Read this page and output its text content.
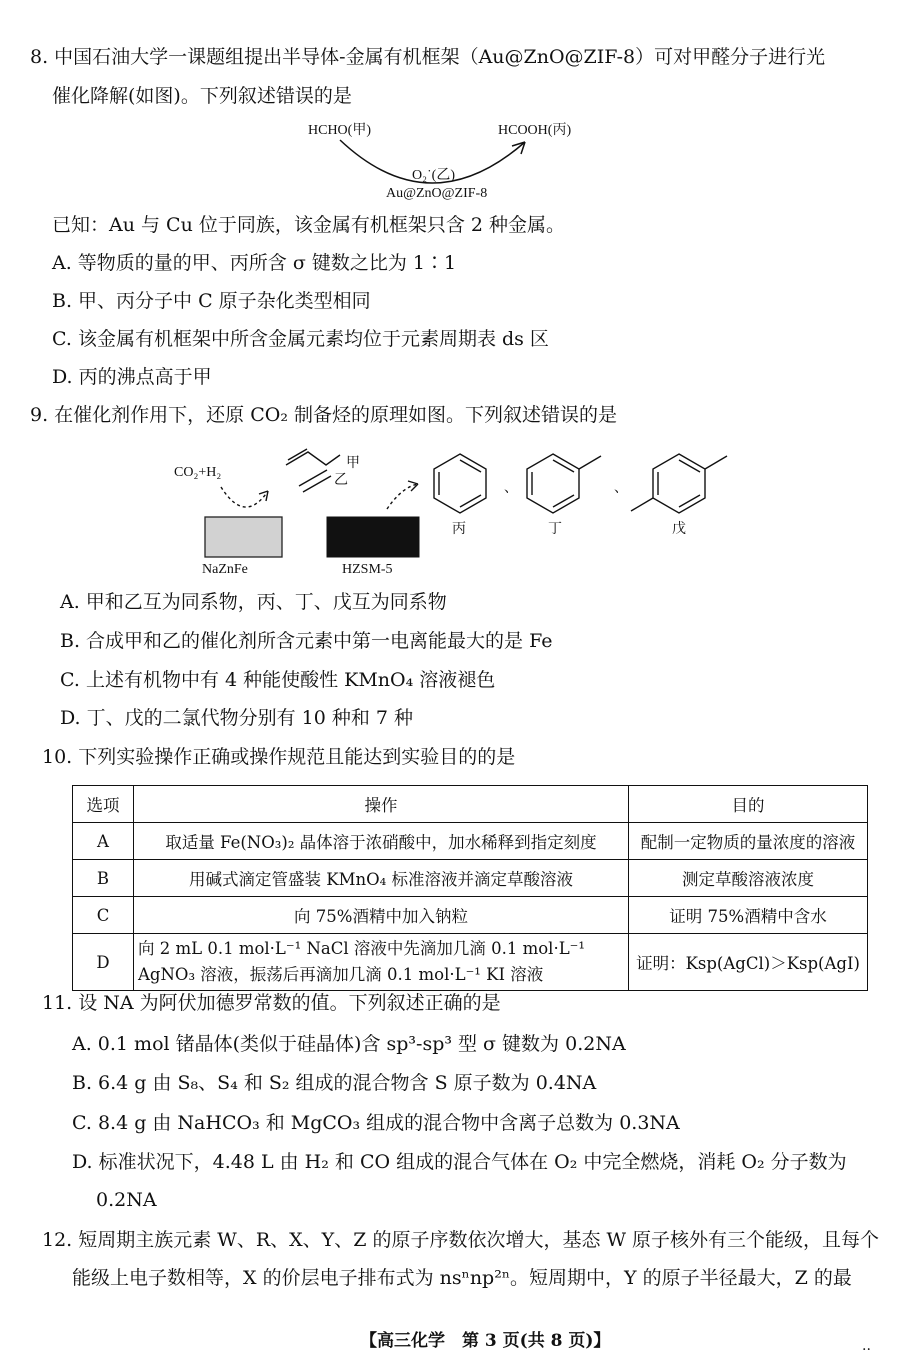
8. 中国石油大学一课题组提出半导体-金属有机框架（Au@ZnO@ZIF-8）可对甲醛分子进行光
催化降解(如图)。下列叙述错误的是
HCHO(甲)	HCOOH(丙)
O₂˙(乙)
Au@ZnO@ZIF-8
已知：Au 与 Cu 位于同族，该金属有机框架只含 2 种金属。
A. 等物质的量的甲、丙所含 σ 键数之比为 1∶1
B. 甲、丙分子中 C 原子杂化类型相同
C. 该金属有机框架中所含金属元素均位于元素周期表 ds 区
D. 丙的沸点高于甲
9. 在催化剂作用下，还原 CO₂ 制备烃的原理如图。下列叙述错误的是
CO₂+H₂
NaZnFe	HZSM-5
甲
乙
丙	丁	戊
、	、
A. 甲和乙互为同系物，丙、丁、戊互为同系物
B. 合成甲和乙的催化剂所含元素中第一电离能最大的是 Fe
C. 上述有机物中有 4 种能使酸性 KMnO₄ 溶液褪色
D. 丁、戊的二氯代物分别有 10 种和 7 种
10. 下列实验操作正确或操作规范且能达到实验目的的是
选项	操作	目的
A	取适量 Fe(NO₃)₂ 晶体溶于浓硝酸中，加水稀释到指定刻度	配制一定物质的量浓度的溶液
B	用碱式滴定管盛装 KMnO₄ 标准溶液并滴定草酸溶液	测定草酸溶液浓度
C	向 75%酒精中加入钠粒	证明 75%酒精中含水
D	向 2 mL 0.1 mol·L⁻¹ NaCl 溶液中先滴加几滴 0.1 mol·L⁻¹
AgNO₃ 溶液，振荡后再滴加几滴 0.1 mol·L⁻¹ KI 溶液	证明：Ksp(AgCl)＞Ksp(AgI)
11. 设 NA 为阿伏加德罗常数的值。下列叙述正确的是
A. 0.1 mol 锗晶体(类似于硅晶体)含 sp³-sp³ 型 σ 键数为 0.2NA
B. 6.4 g 由 S₈、S₄ 和 S₂ 组成的混合物含 S 原子数为 0.4NA
C. 8.4 g 由 NaHCO₃ 和 MgCO₃ 组成的混合物中含离子总数为 0.3NA
D. 标准状况下，4.48 L 由 H₂ 和 CO 组成的混合气体在 O₂ 中完全燃烧，消耗 O₂ 分子数为
0.2NA
12. 短周期主族元素 W、R、X、Y、Z 的原子序数依次增大，基态 W 原子核外有三个能级，且每个
能级上电子数相等，X 的价层电子排布式为 nsⁿnp²ⁿ。短周期中，Y 的原子半径最大，Z 的最
【高三化学　第 3 页(共 8 页)】	..
